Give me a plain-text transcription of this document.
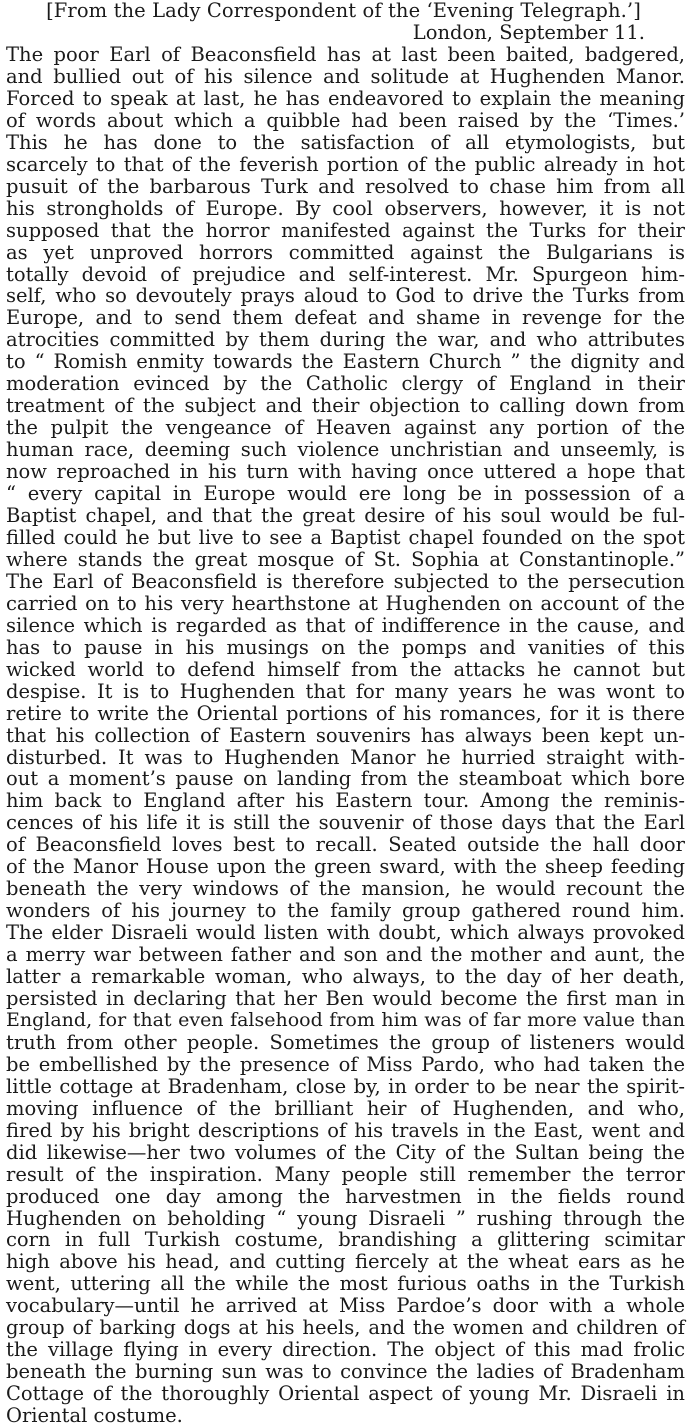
[From the Lady Correspondent of the ‘Evening Telegraph.’]
London, September 11.
The poor Earl of Beaconsfield has at last been baited, badgered,
and bullied out of his silence and solitude at Hughenden Manor.
Forced to speak at last, he has endeavored to explain the meaning
of words about which a quibble had been raised by the ‘Times.’
This he has done to the satisfaction of all etymologists, but
scarcely to that of the feverish portion of the public already in hot
pusuit of the barbarous Turk and resolved to chase him from all
his strongholds of Europe. By cool observers, however, it is not
supposed that the horror manifested against the Turks for their
as yet unproved horrors committed against the Bulgarians is
totally devoid of prejudice and self-interest. Mr. Spurgeon him-
self, who so devoutely prays aloud to God to drive the Turks from
Europe, and to send them defeat and shame in revenge for the
atrocities committed by them during the war, and who attributes
to “ Romish enmity towards the Eastern Church ” the dignity and
moderation evinced by the Catholic clergy of England in their
treatment of the subject and their objection to calling down from
the pulpit the vengeance of Heaven against any portion of the
human race, deeming such violence unchristian and unseemly, is
now reproached in his turn with having once uttered a hope that
“ every capital in Europe would ere long be in possession of a
Baptist chapel, and that the great desire of his soul would be ful-
filled could he but live to see a Baptist chapel founded on the spot
where stands the great mosque of St. Sophia at Constantinople.”
The Earl of Beaconsfield is therefore subjected to the persecution
carried on to his very hearthstone at Hughenden on account of the
silence which is regarded as that of indifference in the cause, and
has to pause in his musings on the pomps and vanities of this
wicked world to defend himself from the attacks he cannot but
despise. It is to Hughenden that for many years he was wont to
retire to write the Oriental portions of his romances, for it is there
that his collection of Eastern souvenirs has always been kept un-
disturbed. It was to Hughenden Manor he hurried straight with-
out a moment’s pause on landing from the steamboat which bore
him back to England after his Eastern tour. Among the reminis-
cences of his life it is still the souvenir of those days that the Earl
of Beaconsfield loves best to recall. Seated outside the hall door
of the Manor House upon the green sward, with the sheep feeding
beneath the very windows of the mansion, he would recount the
wonders of his journey to the family group gathered round him.
The elder Disraeli would listen with doubt, which always provoked
a merry war between father and son and the mother and aunt, the
latter a remarkable woman, who always, to the day of her death,
persisted in declaring that her Ben would become the first man in
England, for that even falsehood from him was of far more value than
truth from other people. Sometimes the group of listeners would
be embellished by the presence of Miss Pardo, who had taken the
little cottage at Bradenham, close by, in order to be near the spirit-
moving influence of the brilliant heir of Hughenden, and who,
fired by his bright descriptions of his travels in the East, went and
did likewise—her two volumes of the City of the Sultan being the
result of the inspiration. Many people still remember the terror
produced one day among the harvestmen in the fields round
Hughenden on beholding “ young Disraeli ” rushing through the
corn in full Turkish costume, brandishing a glittering scimitar
high above his head, and cutting fiercely at the wheat ears as he
went, uttering all the while the most furious oaths in the Turkish
vocabulary—until he arrived at Miss Pardoe’s door with a whole
group of barking dogs at his heels, and the women and children of
the village flying in every direction. The object of this mad frolic
beneath the burning sun was to convince the ladies of Bradenham
Cottage of the thoroughly Oriental aspect of young Mr. Disraeli in
Oriental costume.
